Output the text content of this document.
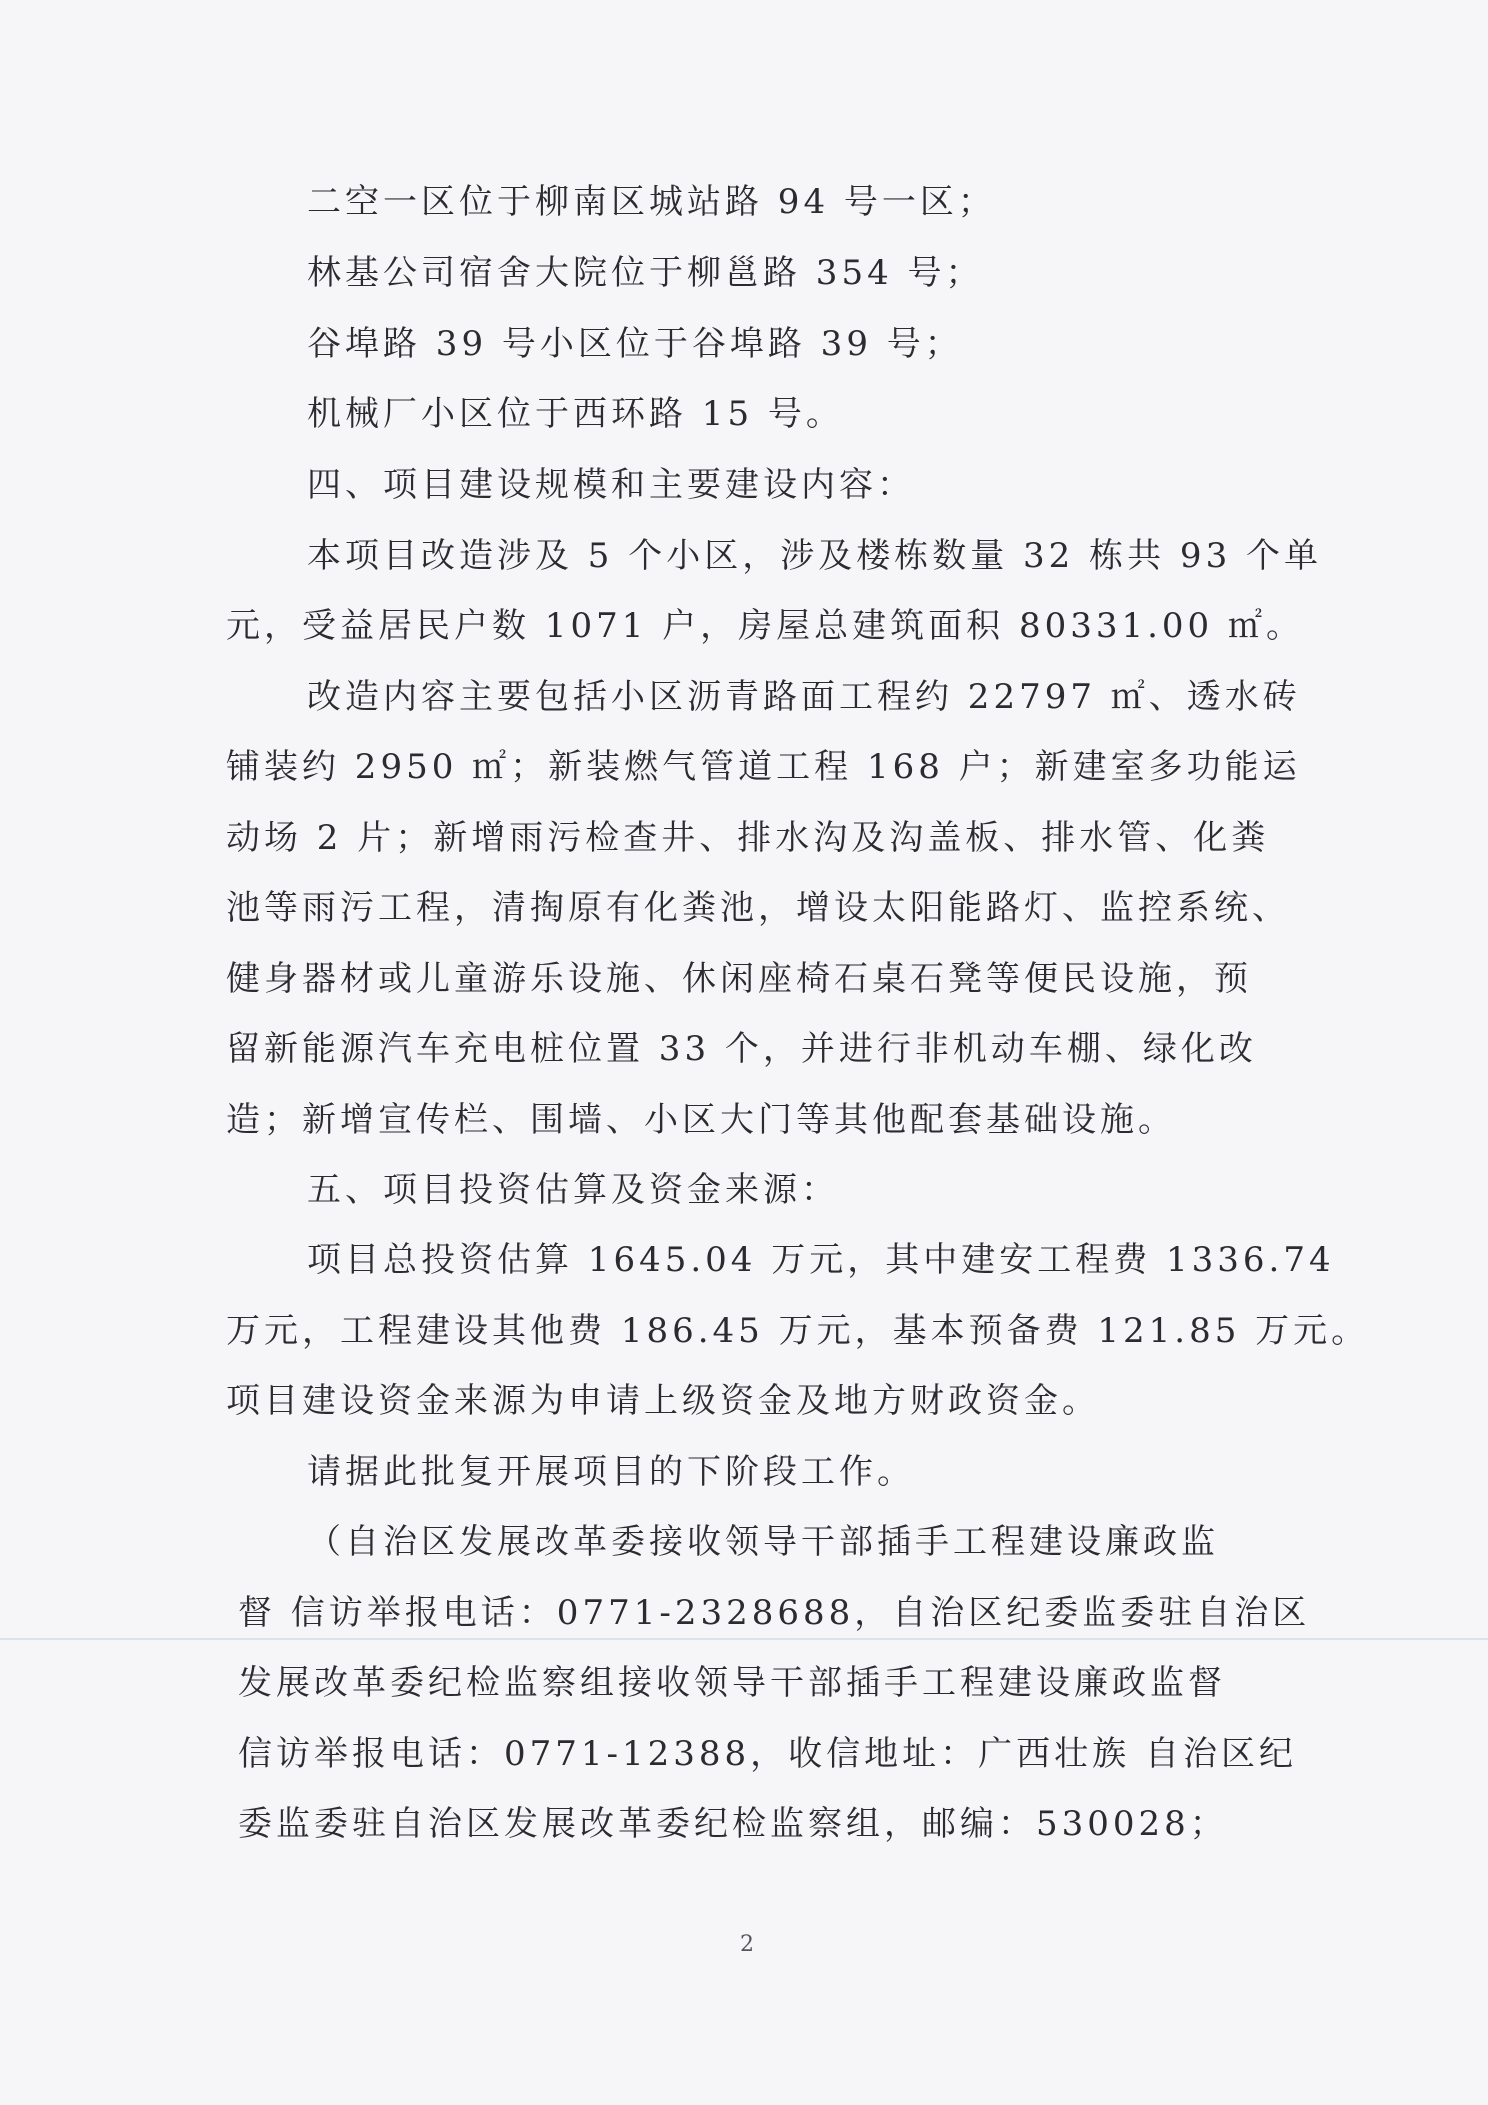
二空一区位于柳南区城站路 94 号一区；
林基公司宿舍大院位于柳邕路 354 号；
谷埠路 39 号小区位于谷埠路 39 号；
机械厂小区位于西环路 15 号。
四、项目建设规模和主要建设内容：
本项目改造涉及 5 个小区，涉及楼栋数量 32 栋共 93 个单
元，受益居民户数 1071 户，房屋总建筑面积 80331.00 ㎡。
改造内容主要包括小区沥青路面工程约 22797 ㎡、透水砖
铺装约 2950 ㎡；新装燃气管道工程 168 户；新建室多功能运
动场 2 片；新增雨污检查井、排水沟及沟盖板、排水管、化粪
池等雨污工程，清掏原有化粪池，增设太阳能路灯、监控系统、
健身器材或儿童游乐设施、休闲座椅石桌石凳等便民设施，预
留新能源汽车充电桩位置 33 个，并进行非机动车棚、绿化改
造；新增宣传栏、围墙、小区大门等其他配套基础设施。
五、项目投资估算及资金来源：
项目总投资估算 1645.04 万元，其中建安工程费 1336.74
万元，工程建设其他费 186.45 万元，基本预备费 121.85 万元。
项目建设资金来源为申请上级资金及地方财政资金。
请据此批复开展项目的下阶段工作。
（自治区发展改革委接收领导干部插手工程建设廉政监
督 信访举报电话：0771-2328688，自治区纪委监委驻自治区
发展改革委纪检监察组接收领导干部插手工程建设廉政监督
信访举报电话：0771-12388，收信地址：广西壮族 自治区纪
委监委驻自治区发展改革委纪检监察组，邮编：530028；
2
